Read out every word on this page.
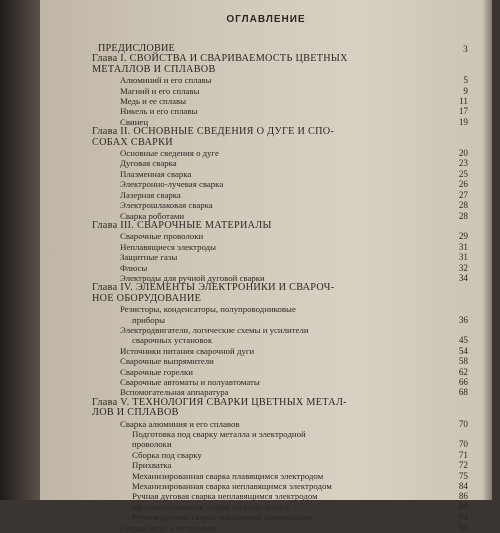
ОГЛАВЛЕНИЕ
ПРЕДИСЛОВИЕ	3
Глава I. СВОЙСТВА И СВАРИВАЕМОСТЬ ЦВЕТНЫХ
МЕТАЛЛОВ И СПЛАВОВ
Алюминий и его сплавы	5
Магний и его сплавы	9
Медь и ее сплавы	11
Никель и его сплавы	17
Свинец	19
Глава II. ОСНОВНЫЕ СВЕДЕНИЯ О ДУГЕ И СПО-
СОБАХ СВАРКИ
Основные сведения о дуге	20
Дуговая сварка	23
Плазменная сварка	25
Электронно-лучевая сварка	26
Лазерная сварка	27
Электрошлаковая сварка	28
Сварка роботами	28
Глава III. СВАРОЧНЫЕ МАТЕРИАЛЫ
Сварочные проволоки	29
Неплавящиеся электроды	31
Защитные газы	31
Флюсы	32
Электроды для ручной дуговой сварки	34
Глава IV. ЭЛЕМЕНТЫ ЭЛЕКТРОНИКИ И СВАРОЧ-
НОЕ ОБОРУДОВАНИЕ
Резисторы, конденсаторы, полупроводниковые
приборы	36
Электродвигатели, логические схемы и усилители
сварочных установок	45
Источники питания сварочной дуги	54
Сварочные выпрямители	58
Сварочные горелки	62
Сварочные автоматы и полуавтоматы	66
Вспомогательная аппаратура	68
Глава V. ТЕХНОЛОГИЯ СВАРКИ ЦВЕТНЫХ МЕТАЛ-
ЛОВ И СПЛАВОВ
Сварка алюминия и его сплавов	70
Подготовка под сварку металла и электродной
проволоки	70
Сборка под сварку	71
Прихватка	72
Механизированная сварка плавящимся электродом	75
Механизированная сварка неплавящимся электродом	84
Ручная дуговая сварка неплавящимся электродом	86
Механизированная сварка по слою флюса	89
Ручная дуговая сварка покрытыми электродами	94
Сварка меди и ее сплавов	94
